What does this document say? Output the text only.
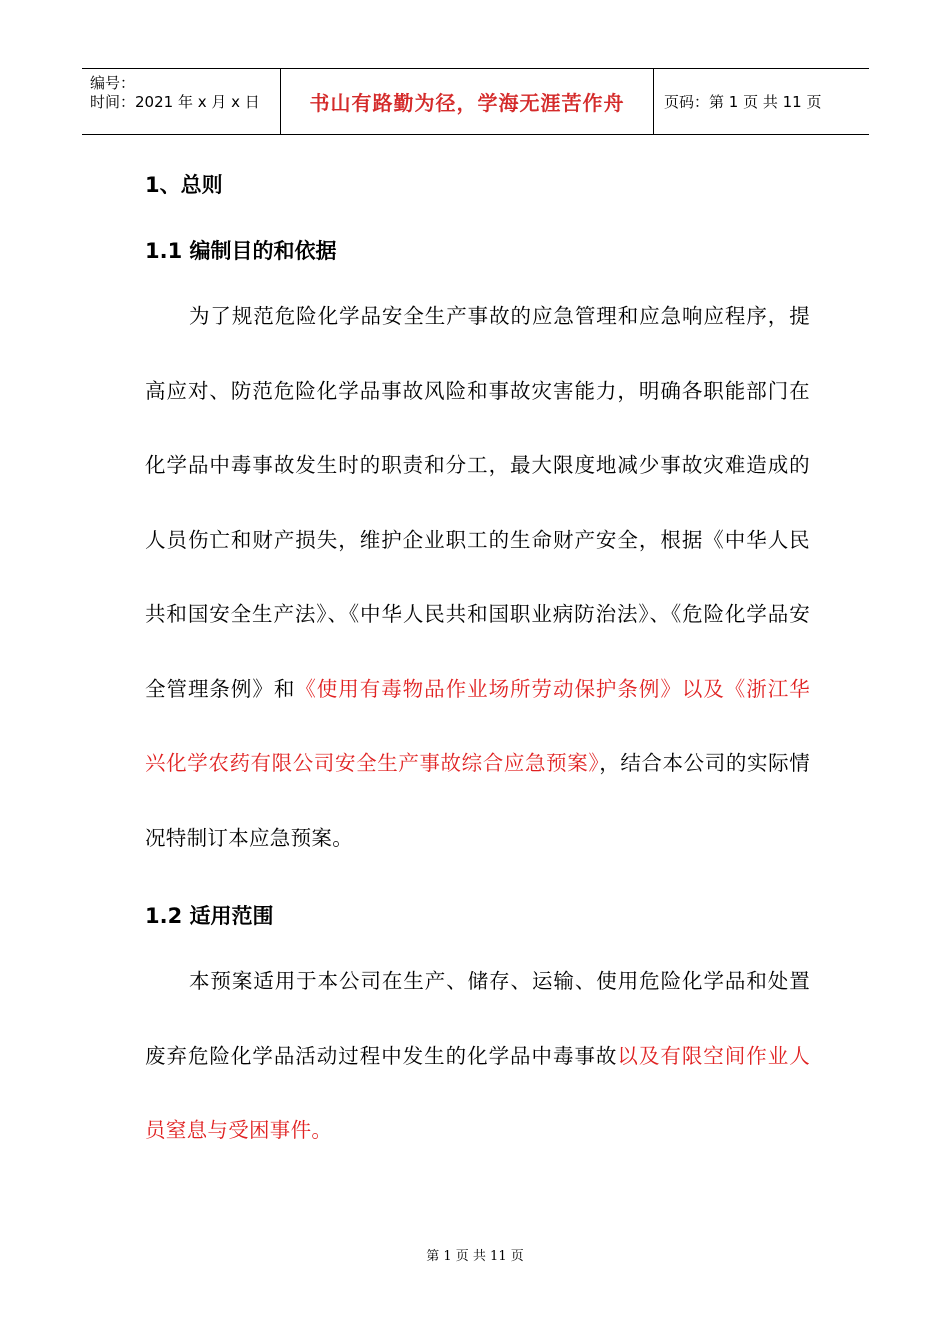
编号：
时间：2021 年 x 月 x 日 书山有路勤为径，学海无涯苦作舟	页码：第 1 页 共 11 页
1、总则
1.1 编制目的和依据
为了规范危险化学品安全生产事故的应急管理和应急响应程序，提高应对、防范危险化学品事故风险和事故灾害能力，明确各职能部门在化学品中毒事故发生时的职责和分工，最大限度地减少事故灾难造成的人员伤亡和财产损失，维护企业职工的生命财产安全，根据《中华人民共和国安全生产法》、《中华人民共和国职业病防治法》、《危险化学品安全管理条例》和《使用有毒物品作业场所劳动保护条例》以及《浙江华兴化学农药有限公司安全生产事故综合应急预案》，结合本公司的实际情况特制订本应急预案。
1.2 适用范围
本预案适用于本公司在生产、储存、运输、使用危险化学品和处置废弃危险化学品活动过程中发生的化学品中毒事故以及有限空间作业人员窒息与受困事件。
第 1 页 共 11 页
